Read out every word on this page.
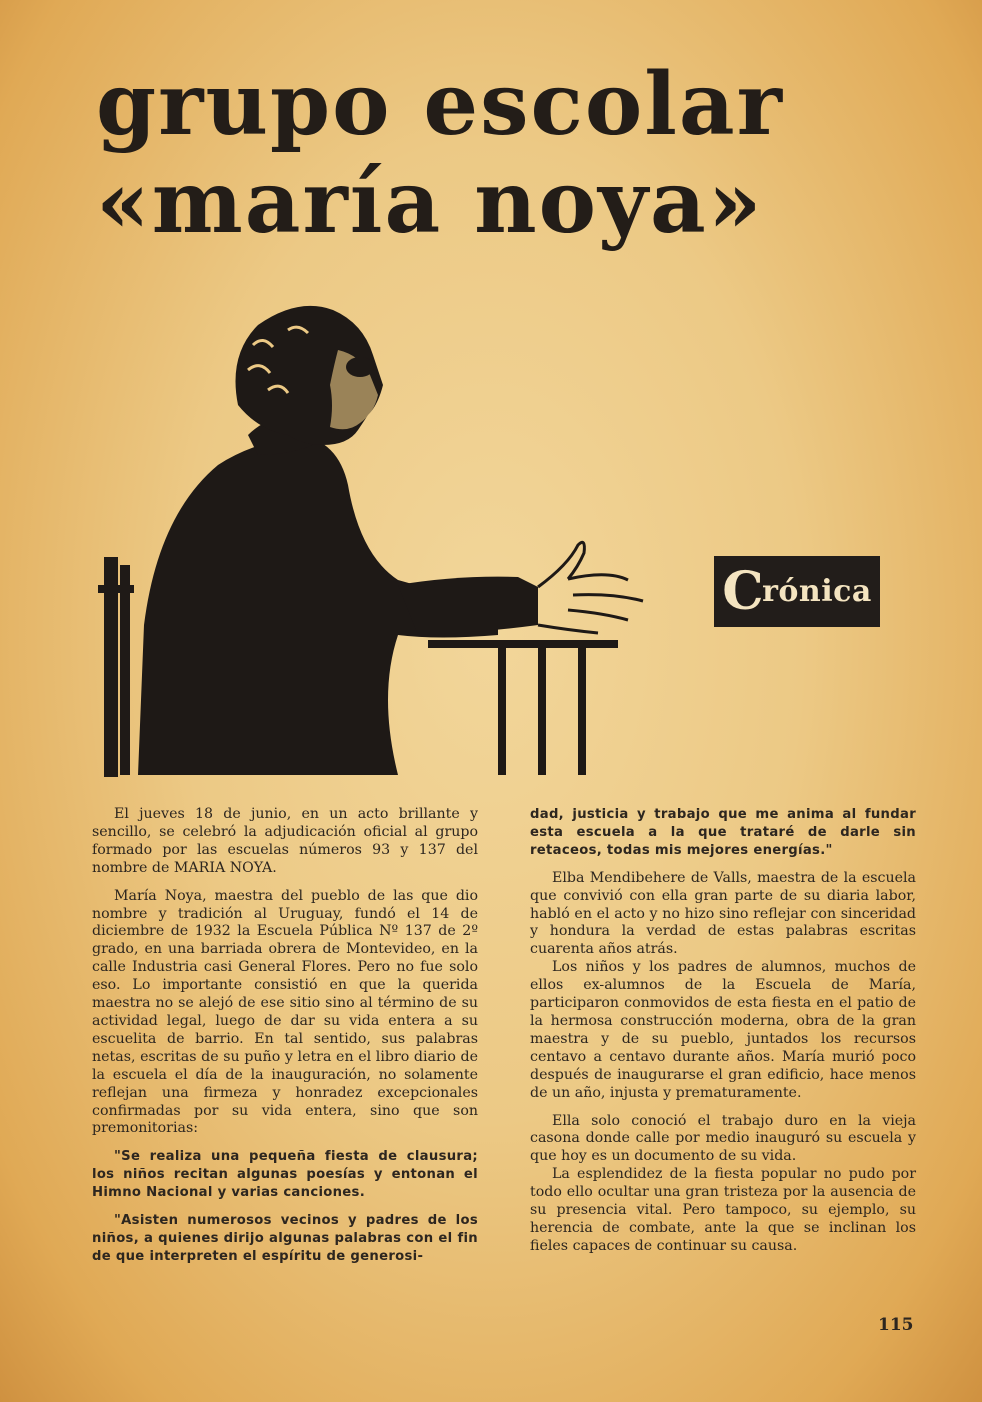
grupo escolar
«maría noya»
C
rónica

El jueves 18 de junio, en un acto brillante y sencillo, se celebró la adjudicación oficial al grupo formado por las escuelas números 93 y 137 del nombre de MARIA NOYA.

María Noya, maestra del pueblo de las que dio nombre y tradición al Uruguay, fundó el 14 de diciembre de 1932 la Escuela Pública Nº 137 de 2º grado, en una barriada obrera de Montevideo, en la calle Industria casi General Flores. Pero no fue solo eso. Lo importante consistió en que la querida maestra no se alejó de ese sitio sino al término de su actividad legal, luego de dar su vida entera a su escuelita de barrio. En tal sentido, sus palabras netas, escritas de su puño y letra en el libro diario de la escuela el día de la inauguración, no solamente reflejan una firmeza y honradez excepcionales confirmadas por su vida entera, sino que son premonitorias:

"Se realiza una pequeña fiesta de clausura; los niños recitan algunas poesías y entonan el Himno Nacional y varias canciones.

"Asisten numerosos vecinos y padres de los niños, a quienes dirijo algunas palabras con el fin de que interpreten el espíritu de generosi-

dad, justicia y trabajo que me anima al fundar esta escuela a la que trataré de darle sin retaceos, todas mis mejores energías."

Elba Mendibehere de Valls, maestra de la escuela que convivió con ella gran parte de su diaria labor, habló en el acto y no hizo sino reflejar con sinceridad y hondura la verdad de estas palabras escritas cuarenta años atrás.

Los niños y los padres de alumnos, muchos de ellos ex-alumnos de la Escuela de María, participaron conmovidos de esta fiesta en el patio de la hermosa construcción moderna, obra de la gran maestra y de su pueblo, juntados los recursos centavo a centavo durante años. María murió poco después de inaugurarse el gran edificio, hace menos de un año, injusta y prematuramente.

Ella solo conoció el trabajo duro en la vieja casona donde calle por medio inauguró su escuela y que hoy es un documento de su vida.

La esplendidez de la fiesta popular no pudo por todo ello ocultar una gran tristeza por la ausencia de su presencia vital. Pero tampoco, su ejemplo, su herencia de combate, ante la que se inclinan los fieles capaces de continuar su causa.

115
